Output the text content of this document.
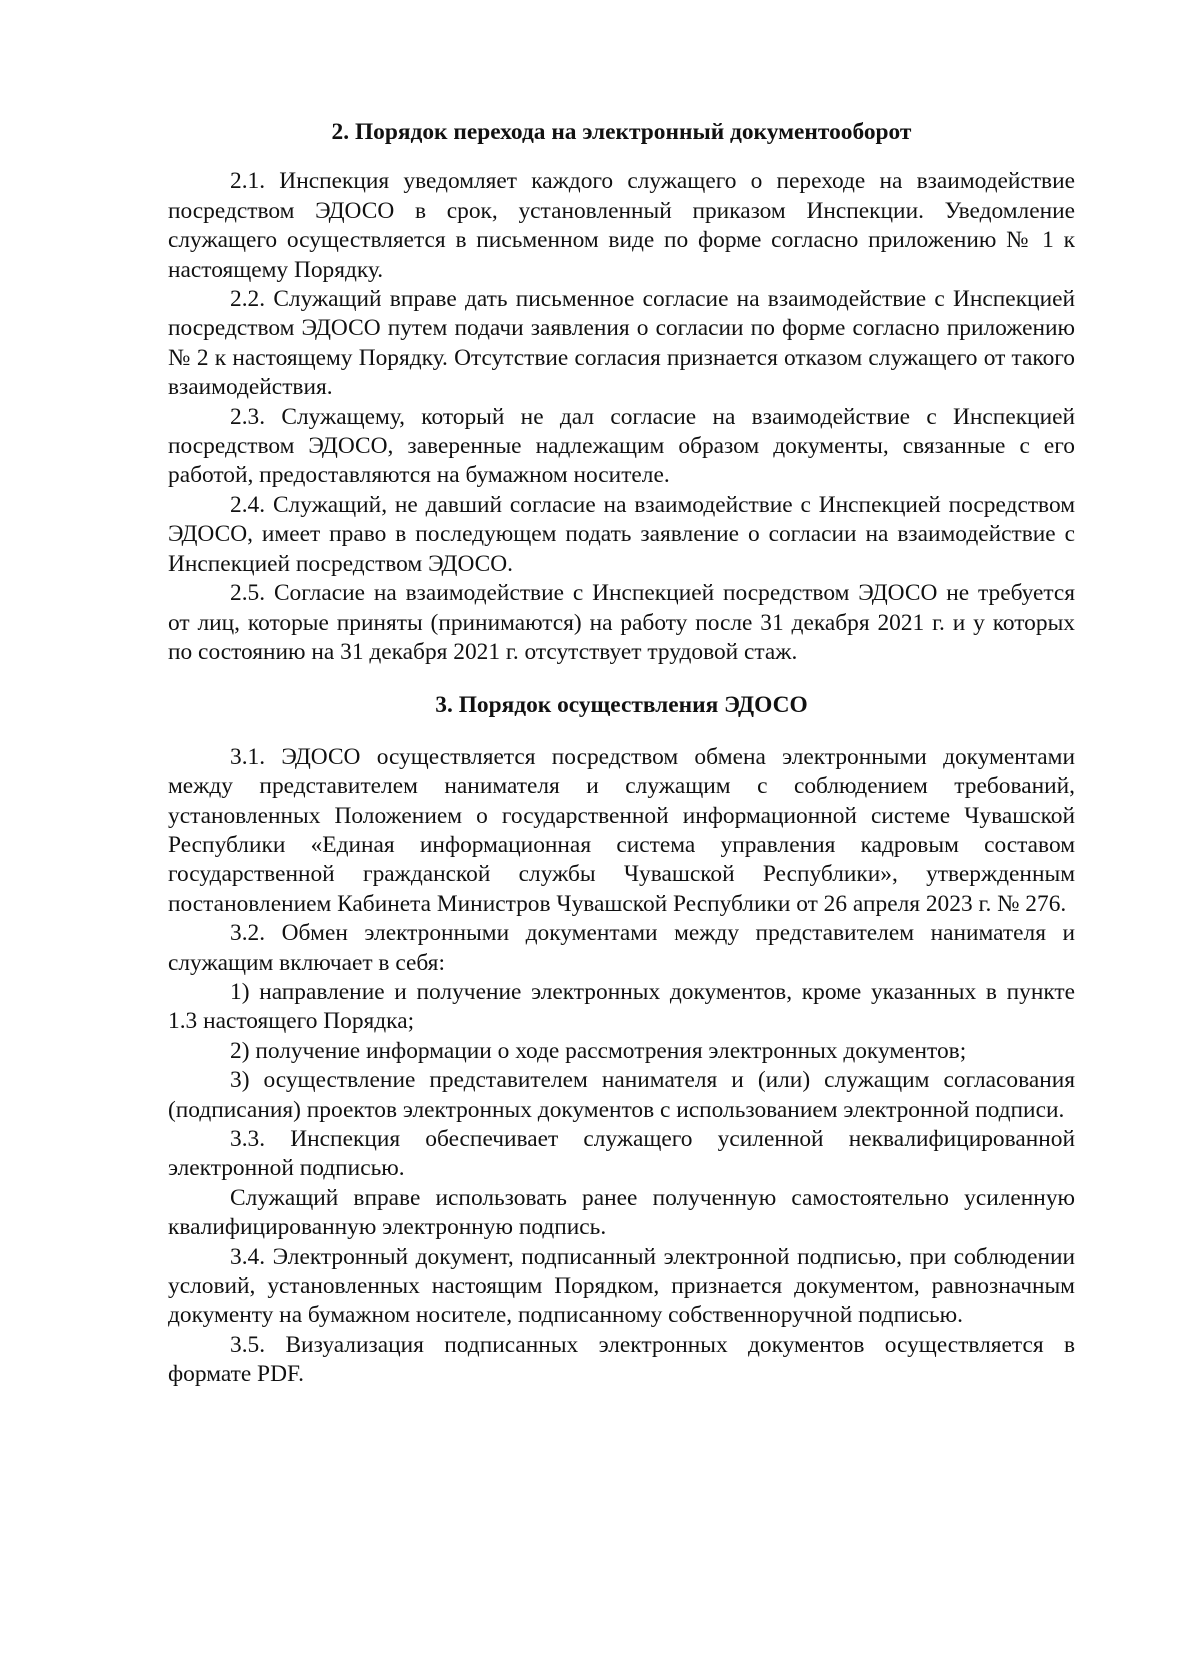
2. Порядок перехода на электронный документооборот

2.1. Инспекция уведомляет каждого служащего о переходе на взаимодействие посредством ЭДОСО в срок, установленный приказом Инспекции. Уведомление служащего осуществляется в письменном виде по форме согласно приложению № 1 к настоящему Порядку.

2.2. Служащий вправе дать письменное согласие на взаимодействие с Инспекцией посредством ЭДОСО путем подачи заявления о согласии по форме согласно приложению № 2 к настоящему Порядку. Отсутствие согласия признается отказом служащего от такого взаимодействия.

2.3. Служащему, который не дал согласие на взаимодействие с Инспекцией посредством ЭДОСО, заверенные надлежащим образом документы, связанные с его работой, предоставляются на бумажном носителе.

2.4. Служащий, не давший согласие на взаимодействие с Инспекцией посредством ЭДОСО, имеет право в последующем подать заявление о согласии на взаимодействие с Инспекцией посредством ЭДОСО.

2.5. Согласие на взаимодействие с Инспекцией посредством ЭДОСО не требуется от лиц, которые приняты (принимаются) на работу после 31 декабря 2021 г. и у которых по состоянию на 31 декабря 2021 г. отсутствует трудовой стаж.

3. Порядок осуществления ЭДОСО

3.1. ЭДОСО осуществляется посредством обмена электронными документами между представителем нанимателя и служащим с соблюдением требований, установленных Положением о государственной информационной системе Чувашской Республики «Единая информационная система управления кадровым составом государственной гражданской службы Чувашской Республики», утвержденным постановлением Кабинета Министров Чувашской Республики от 26 апреля 2023 г. № 276.

3.2. Обмен электронными документами между представителем нанимателя и служащим включает в себя:

1) направление и получение электронных документов, кроме указанных в пункте 1.3 настоящего Порядка;

2) получение информации о ходе рассмотрения электронных документов;

3) осуществление представителем нанимателя и (или) служащим согласования (подписания) проектов электронных документов с использованием электронной подписи.

3.3. Инспекция обеспечивает служащего усиленной неквалифицированной электронной подписью.

Служащий вправе использовать ранее полученную самостоятельно усиленную квалифицированную электронную подпись.

3.4. Электронный документ, подписанный электронной подписью, при соблюдении условий, установленных настоящим Порядком, признается документом, равнозначным документу на бумажном носителе, подписанному собственноручной подписью.

3.5. Визуализация подписанных электронных документов осуществляется в формате PDF.
